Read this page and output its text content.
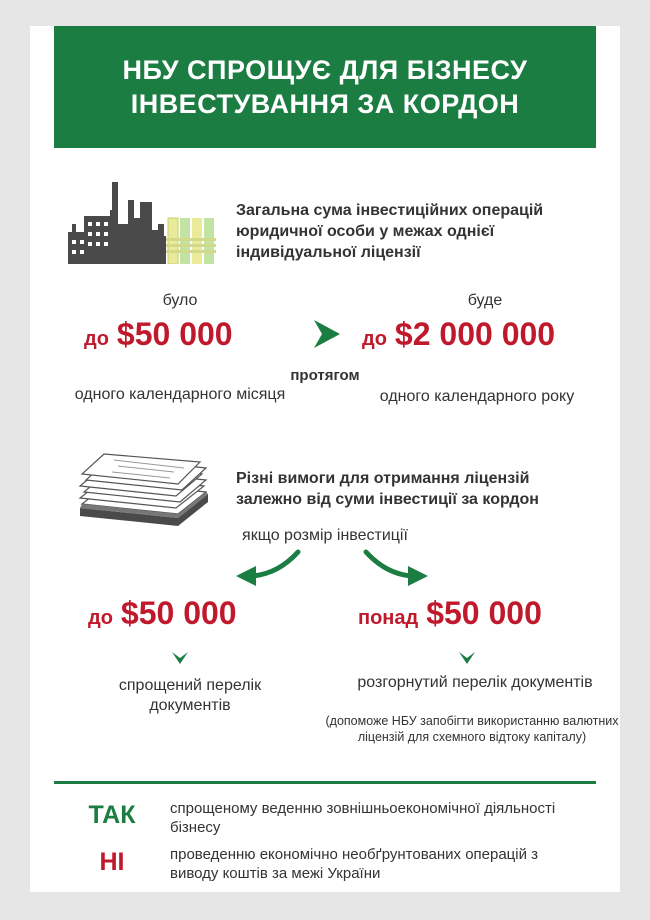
НБУ СПРОЩУЄ ДЛЯ БІЗНЕСУ
ІНВЕСТУВАННЯ ЗА КОРДОН
Загальна сума інвестиційних операцій юридичної особи у межах однієї індивідуальної ліцензії
було	буде
до $50 000	до $2 000 000
протягом
одного календарного місяця	одного календарного року
Різні вимоги для отримання ліцензій залежно від суми інвестиції за кордон
якщо розмір інвестиції
до $50 000	понад $50 000
спрощений перелік документів
розгорнутий перелік документів
(допоможе НБУ запобігти використанню валютних ліцензій для схемного відтоку капіталу)
ТАК	спрощеному веденню зовнішньоекономічної діяльності бізнесу
НІ	проведенню економічно необґрунтованих операцій з виводу коштів за межі України
